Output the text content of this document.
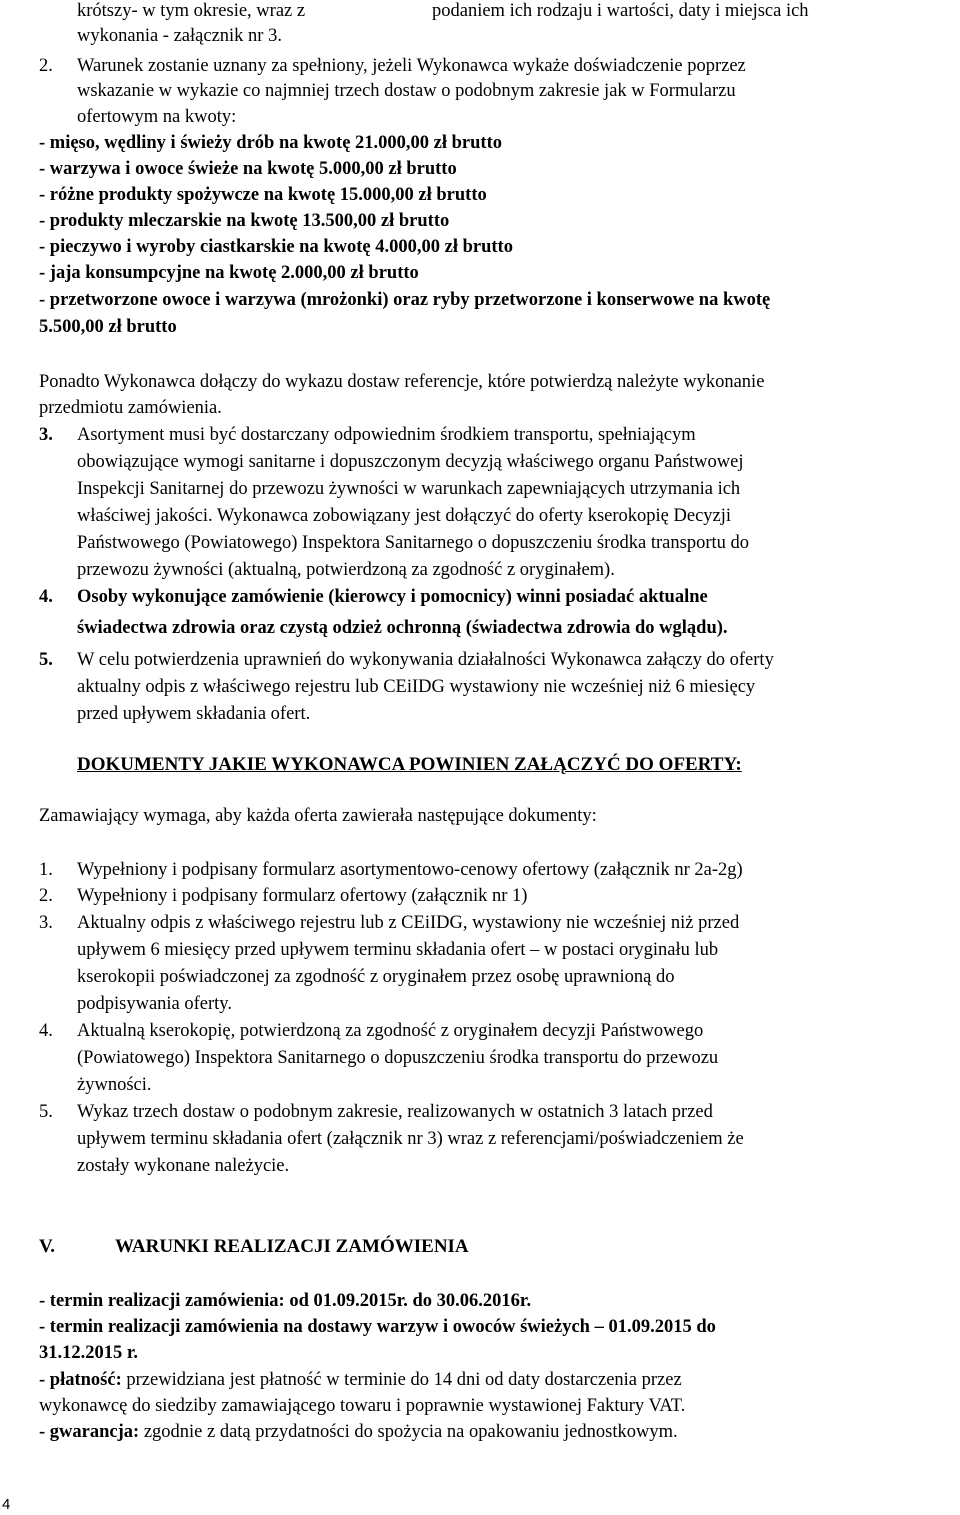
krótszy- w tym okresie, wraz z	podaniem ich rodzaju i wartości, daty i miejsca ich
wykonania - załącznik nr 3.
2. Warunek zostanie uznany za spełniony, jeżeli Wykonawca wykaże doświadczenie poprzez
wskazanie w wykazie co najmniej trzech dostaw o podobnym zakresie jak w Formularzu
ofertowym na kwoty:
- mięso, wędliny i świeży drób na kwotę 21.000,00 zł brutto
- warzywa i owoce świeże na kwotę 5.000,00 zł brutto
- różne produkty spożywcze na kwotę 15.000,00 zł brutto
- produkty mleczarskie na kwotę 13.500,00 zł brutto
- pieczywo i wyroby ciastkarskie na kwotę 4.000,00 zł brutto
- jaja konsumpcyjne na kwotę 2.000,00 zł brutto
- przetworzone owoce i warzywa (mrożonki) oraz ryby przetworzone i konserwowe na kwotę
5.500,00 zł brutto
Ponadto Wykonawca dołączy do wykazu dostaw referencje, które potwierdzą należyte wykonanie
przedmiotu zamówienia.
3. Asortyment musi być dostarczany odpowiednim środkiem transportu, spełniającym
obowiązujące wymogi sanitarne i dopuszczonym decyzją właściwego organu Państwowej
Inspekcji Sanitarnej do przewozu żywności w warunkach zapewniających utrzymania ich
właściwej jakości. Wykonawca zobowiązany jest dołączyć do oferty kserokopię Decyzji
Państwowego (Powiatowego) Inspektora Sanitarnego o dopuszczeniu środka transportu do
przewozu żywności (aktualną, potwierdzoną za zgodność z oryginałem).
4. Osoby wykonujące zamówienie (kierowcy i pomocnicy) winni posiadać aktualne
świadectwa zdrowia oraz czystą odzież ochronną (świadectwa zdrowia do wglądu).
5. W celu potwierdzenia uprawnień do wykonywania działalności Wykonawca załączy do oferty
aktualny odpis z właściwego rejestru lub CEiIDG wystawiony nie wcześniej niż 6 miesięcy
przed upływem składania ofert.
DOKUMENTY JAKIE WYKONAWCA POWINIEN ZAŁĄCZYĆ DO OFERTY:
Zamawiający wymaga, aby każda oferta zawierała następujące dokumenty:
1. Wypełniony i podpisany formularz asortymentowo-cenowy ofertowy (załącznik nr 2a-2g)
2. Wypełniony i podpisany formularz ofertowy (załącznik nr 1)
3. Aktualny odpis z właściwego rejestru lub z CEiIDG, wystawiony nie wcześniej niż przed
upływem 6 miesięcy przed upływem terminu składania ofert – w postaci oryginału lub
kserokopii poświadczonej za zgodność z oryginałem przez osobę uprawnioną do
podpisywania oferty.
4. Aktualną kserokopię, potwierdzoną za zgodność z oryginałem decyzji Państwowego
(Powiatowego) Inspektora Sanitarnego o dopuszczeniu środka transportu do przewozu
żywności.
5. Wykaz trzech dostaw o podobnym zakresie, realizowanych w ostatnich 3 latach przed
upływem terminu składania ofert (załącznik nr 3) wraz z referencjami/poświadczeniem że
zostały wykonane należycie.
V.	WARUNKI REALIZACJI ZAMÓWIENIA
- termin realizacji zamówienia: od 01.09.2015r. do 30.06.2016r.
- termin realizacji zamówienia na dostawy warzyw i owoców świeżych – 01.09.2015 do
31.12.2015 r.
- płatność: przewidziana jest płatność w terminie do 14 dni od daty dostarczenia przez
wykonawcę do siedziby zamawiającego towaru i poprawnie wystawionej Faktury VAT.
- gwarancja: zgodnie z datą przydatności do spożycia na opakowaniu jednostkowym.
4
